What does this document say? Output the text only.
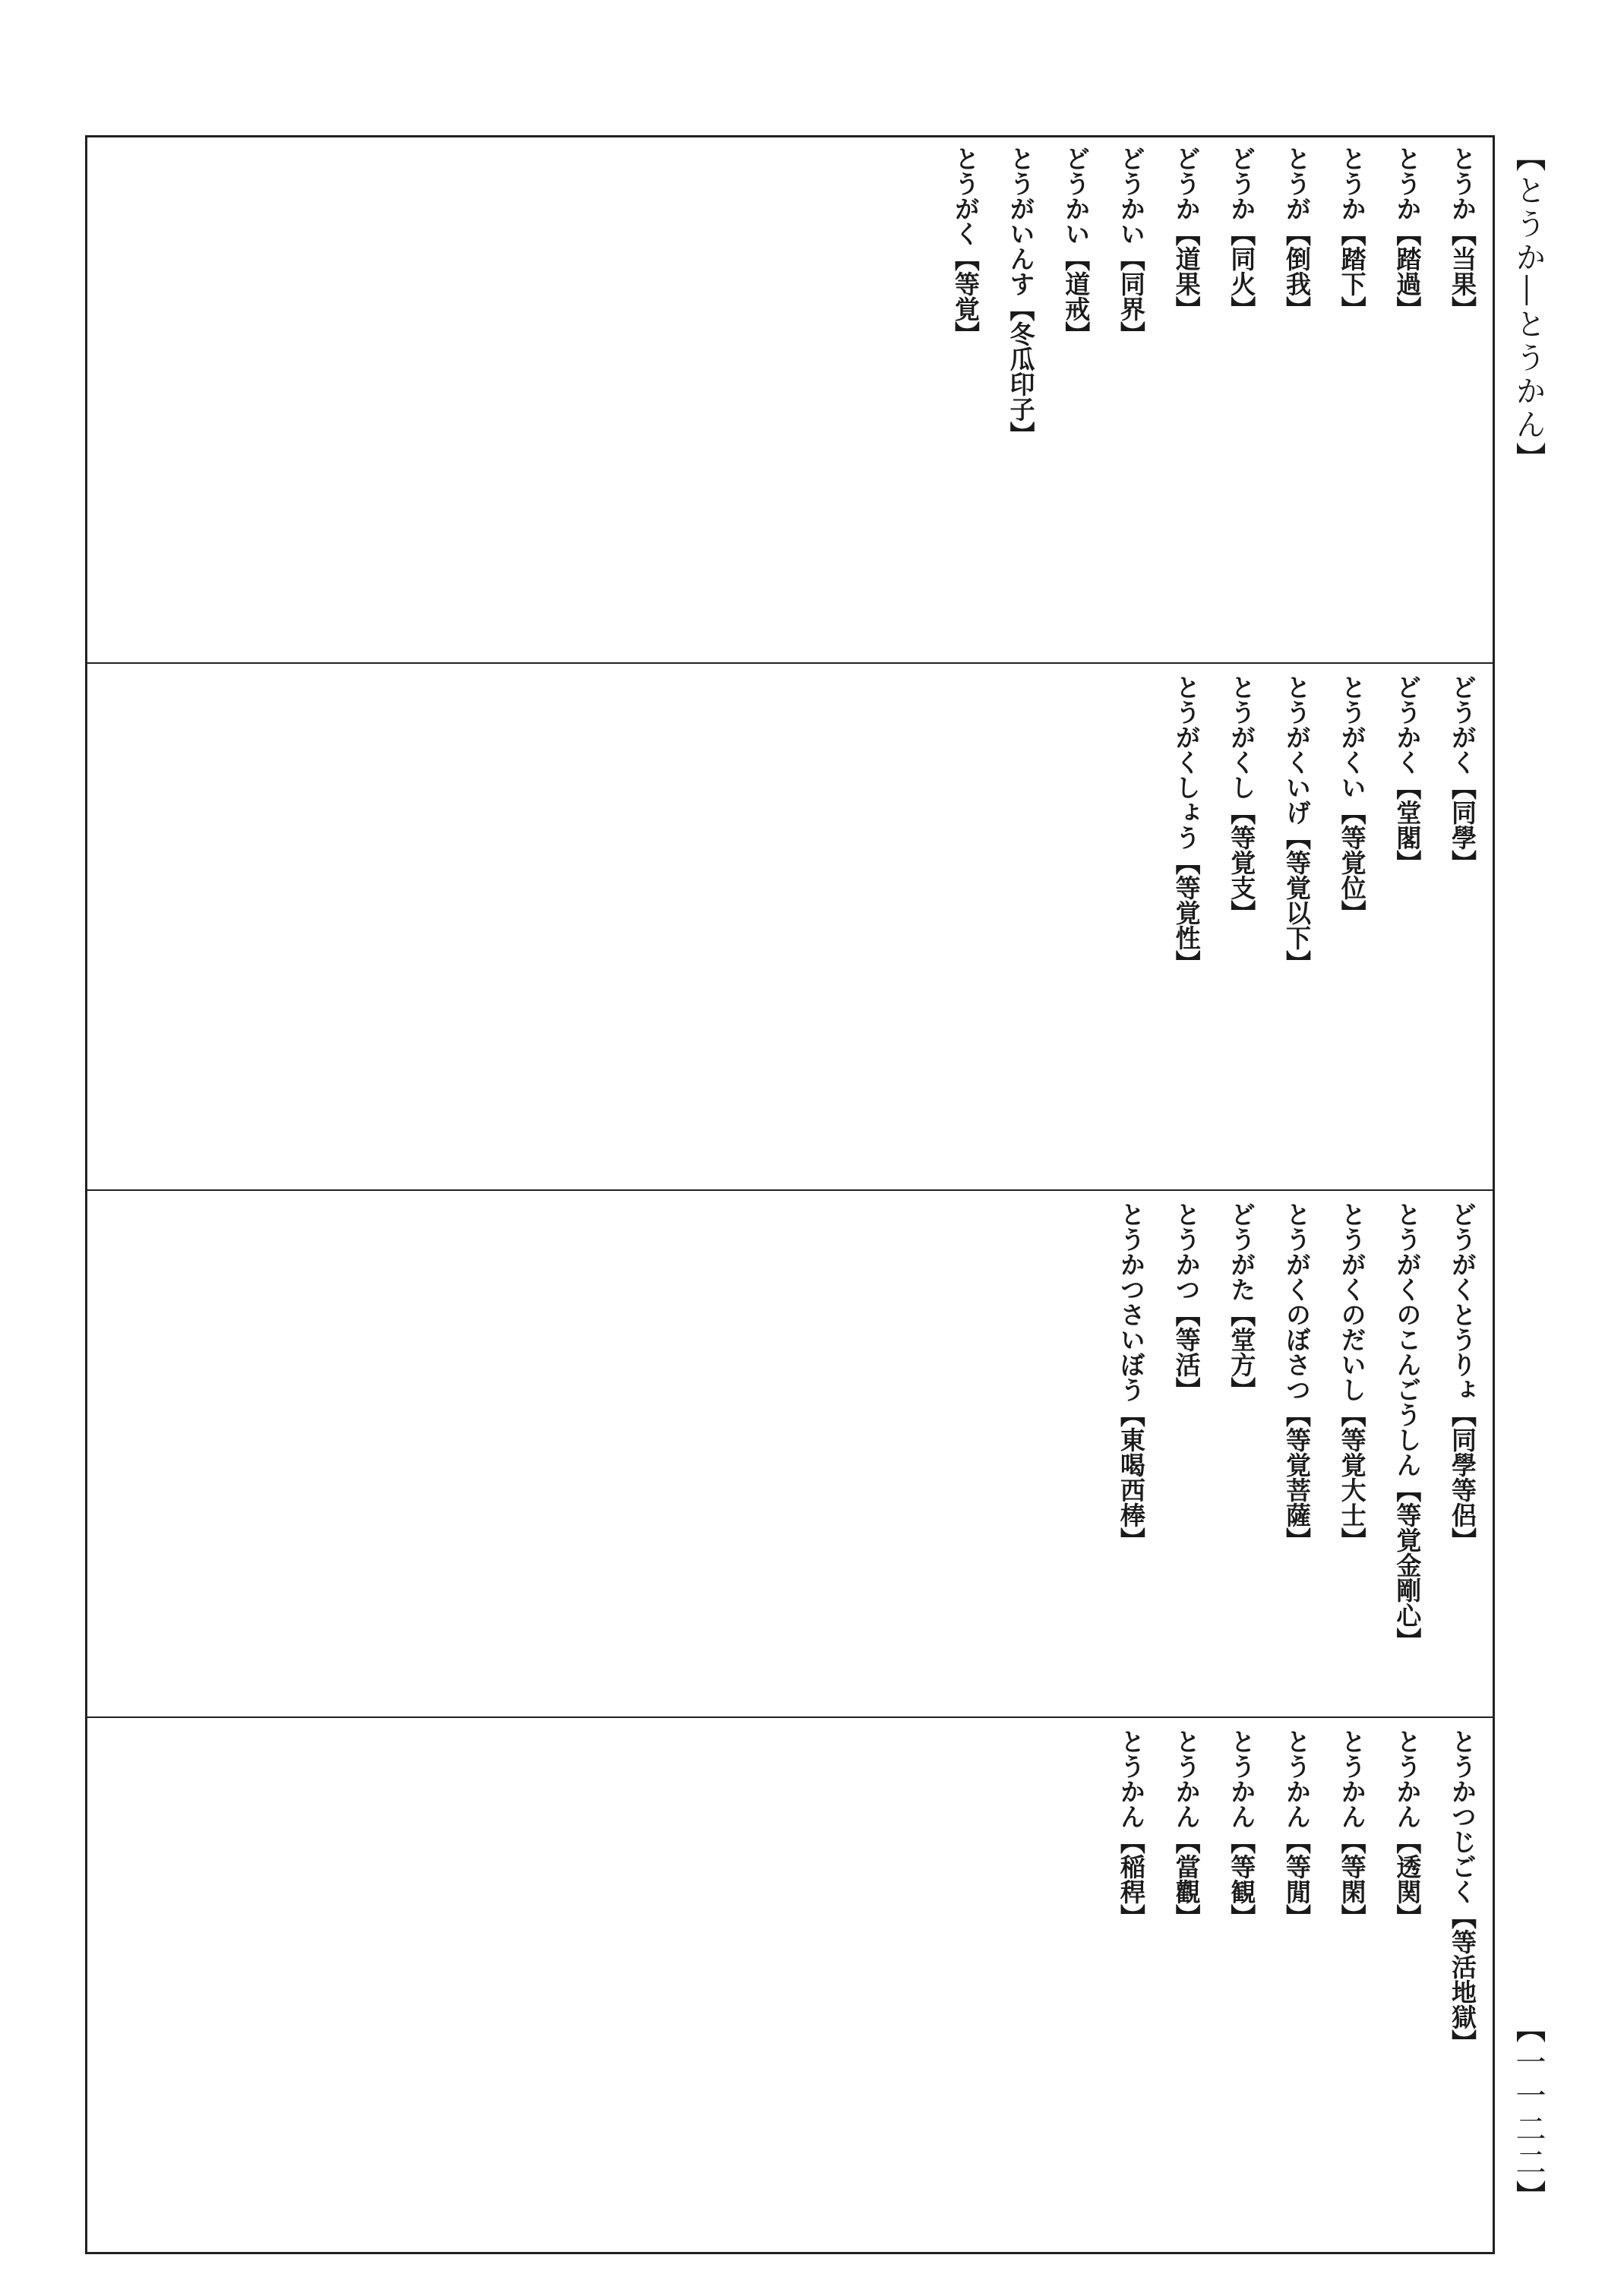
【とうか―とうかん】
【一一二二】
とうか【当果】
とうか【踏過】
とうか【踏下】
とうが【倒我】
どうか【同火】
どうか【道果】
どうかい【同界】
どうかい【道戒】
とうがいんす【冬瓜印子】
とうがく【等覚】
どうがく【同學】
どうかく【堂閣】
とうがくい【等覚位】
とうがくいげ【等覚以下】
とうがくし【等覚支】
とうがくしょう【等覚性】
どうがくとうりょ【同學等侶】
とうがくのこんごうしん【等覚金剛心】
とうがくのだいし【等覚大士】
とうがくのぼさつ【等覚菩薩】
どうがた【堂方】
とうかつ【等活】
とうかつさいぼう【東喝西棒】
とうかつじごく【等活地獄】
とうかん【透関】
とうかん【等閑】
とうかん【等閒】
とうかん【等観】
とうかん【當觀】
とうかん【稲稈】
